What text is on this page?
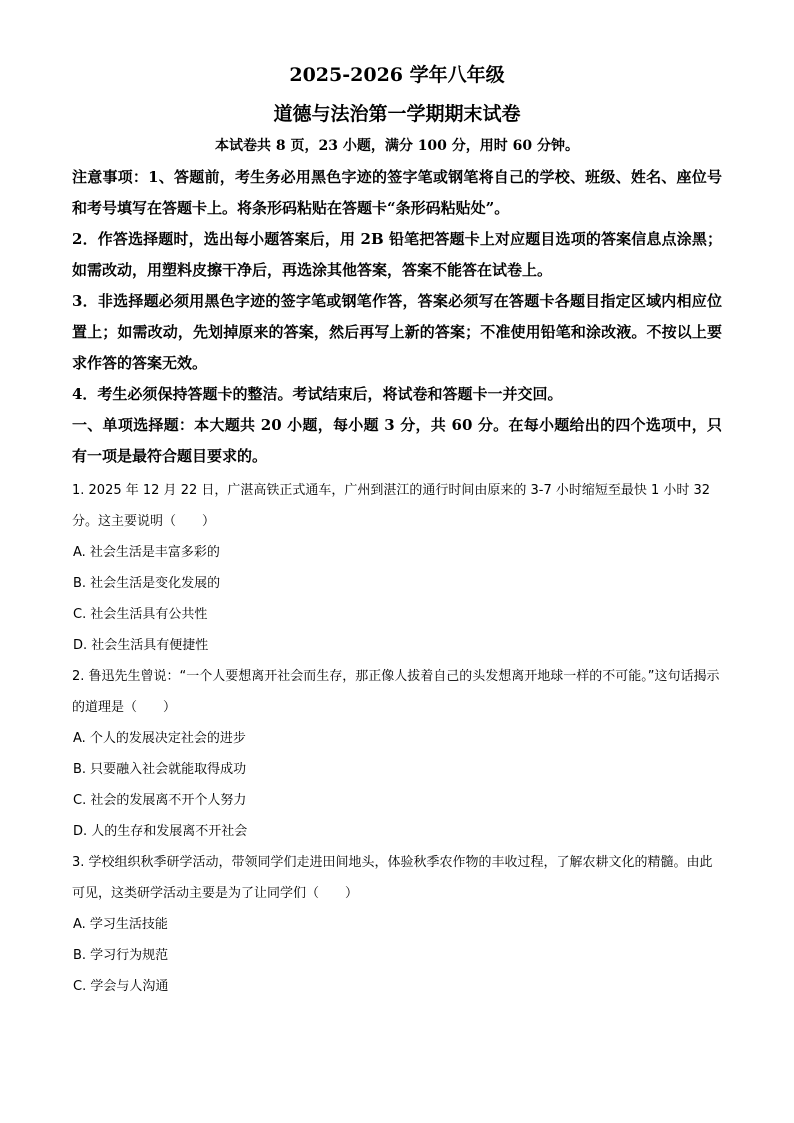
2025-2026 学年八年级
道德与法治第一学期期末试卷
本试卷共 8 页，23 小题，满分 100 分，用时 60 分钟。

注意事项：1、答题前，考生务必用黑色字迹的签字笔或钢笔将自己的学校、班级、姓名、座位号和考号填写在答题卡上。将条形码粘贴在答题卡“条形码粘贴处”。

2．作答选择题时，选出每小题答案后，用 2B 铅笔把答题卡上对应题目选项的答案信息点涂黑；如需改动，用塑料皮擦干净后，再选涂其他答案，答案不能答在试卷上。

3．非选择题必须用黑色字迹的签字笔或钢笔作答，答案必须写在答题卡各题目指定区域内相应位置上；如需改动，先划掉原来的答案，然后再写上新的答案；不准使用铅笔和涂改液。不按以上要求作答的答案无效。

4．考生必须保持答题卡的整洁。考试结束后，将试卷和答题卡一并交回。

一、单项选择题：本大题共 20 小题，每小题 3 分，共 60 分。在每小题给出的四个选项中，只有一项是最符合题目要求的。

1. 2025 年 12 月 22 日，广湛高铁正式通车，广州到湛江的通行时间由原来的 3-7 小时缩短至最快 1 小时 32 分。这主要说明（　　）

A. 社会生活是丰富多彩的

B. 社会生活是变化发展的

C. 社会生活具有公共性

D. 社会生活具有便捷性

2. 鲁迅先生曾说：“一个人要想离开社会而生存，那正像人拔着自己的头发想离开地球一样的不可能。”这句话揭示的道理是（　　）

A. 个人的发展决定社会的进步

B. 只要融入社会就能取得成功

C. 社会的发展离不开个人努力

D. 人的生存和发展离不开社会

3. 学校组织秋季研学活动，带领同学们走进田间地头，体验秋季农作物的丰收过程，了解农耕文化的精髓。由此可见，这类研学活动主要是为了让同学们（　　）

A. 学习生活技能

B. 学习行为规范

C. 学会与人沟通
